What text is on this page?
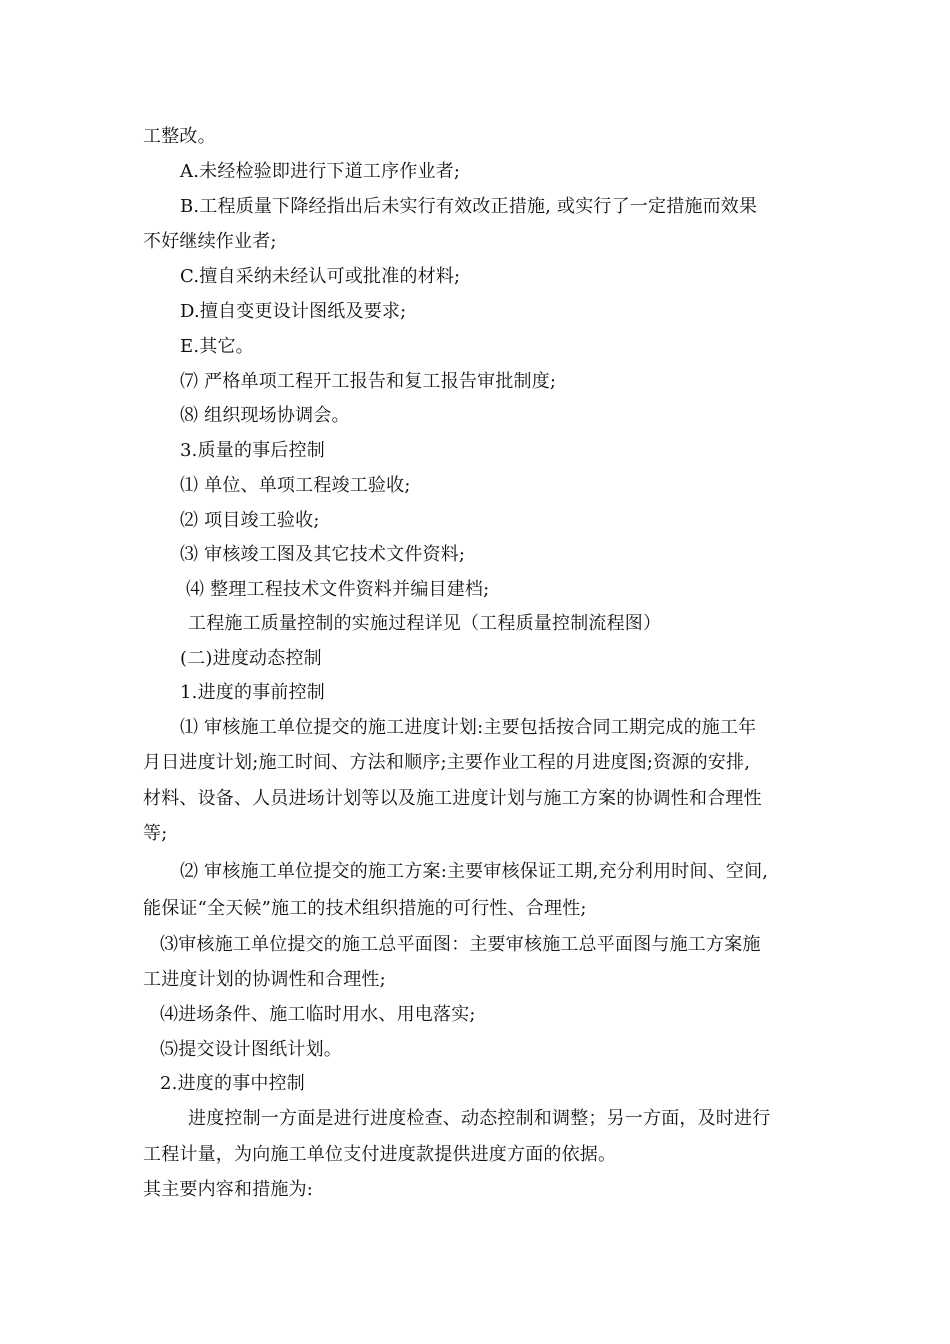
工整改。
A.未经检验即进行下道工序作业者;
B.工程质量下降经指出后未实行有效改正措施, 或实行了一定措施而效果
不好继续作业者;
C.擅自采纳未经认可或批准的材料;
D.擅自变更设计图纸及要求;
E.其它。
⑺ 严格单项工程开工报告和复工报告审批制度;
⑻ 组织现场协调会。
3.质量的事后控制
⑴ 单位、单项工程竣工验收;
⑵ 项目竣工验收;
⑶ 审核竣工图及其它技术文件资料;
⑷ 整理工程技术文件资料并编目建档;
工程施工质量控制的实施过程详见（工程质量控制流程图）
(二)进度动态控制
1.进度的事前控制
⑴ 审核施工单位提交的施工进度计划:主要包括按合同工期完成的施工年
月日进度计划;施工时间、方法和顺序;主要作业工程的月进度图;资源的安排,
材料、设备、人员进场计划等以及施工进度计划与施工方案的协调性和合理性
等;
⑵ 审核施工单位提交的施工方案:主要审核保证工期,充分利用时间、空间,
能保证“全天候”施工的技术组织措施的可行性、合理性;
⑶审核施工单位提交的施工总平面图：主要审核施工总平面图与施工方案施
工进度计划的协调性和合理性;
⑷进场条件、施工临时用水、用电落实;
⑸提交设计图纸计划。
2.进度的事中控制
进度控制一方面是进行进度检查、动态控制和调整；另一方面，及时进行
工程计量，为向施工单位支付进度款提供进度方面的依据。
其主要内容和措施为:
